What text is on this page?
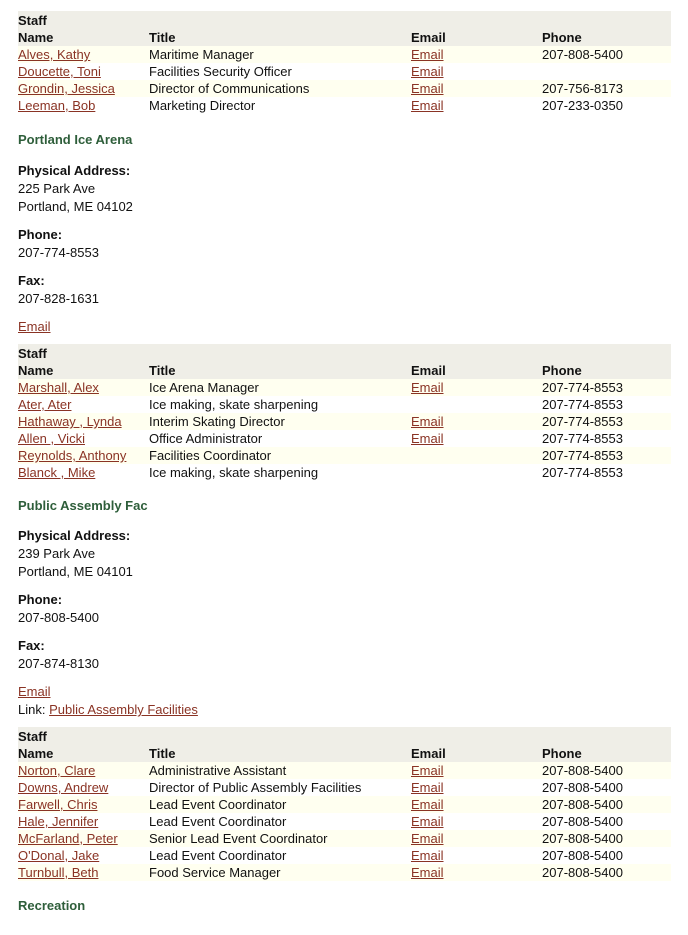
Staff			
Name	Title	Email	Phone
Alves, Kathy	Maritime Manager	Email	207-808-5400
Doucette, Toni	Facilities Security Officer	Email	
Grondin, Jessica	Director of Communications	Email	207-756-8173
Leeman, Bob	Marketing Director	Email	207-233-0350

Portland Ice Arena

Physical Address:

225 Park Ave

Portland, ME 04102

Phone:

207-774-8553

Fax:

207-828-1631

Email

Staff			
Name	Title	Email	Phone
Marshall, Alex	Ice Arena Manager	Email	207-774-8553
Ater, Ater	Ice making, skate sharpening		207-774-8553
Hathaway , Lynda	Interim Skating Director	Email	207-774-8553
Allen , Vicki	Office Administrator	Email	207-774-8553
Reynolds, Anthony	Facilities Coordinator		207-774-8553
Blanck , Mike	Ice making, skate sharpening		207-774-8553

Public Assembly Fac

Physical Address:

239 Park Ave

Portland, ME 04101

Phone:

207-808-5400

Fax:

207-874-8130

Email

Link: Public Assembly Facilities

Staff			
Name	Title	Email	Phone
Norton, Clare	Administrative Assistant	Email	207-808-5400
Downs, Andrew	Director of Public Assembly Facilities	Email	207-808-5400
Farwell, Chris	Lead Event Coordinator	Email	207-808-5400
Hale, Jennifer	Lead Event Coordinator	Email	207-808-5400
McFarland, Peter	Senior Lead Event Coordinator	Email	207-808-5400
O'Donal, Jake	Lead Event Coordinator	Email	207-808-5400
Turnbull, Beth	Food Service Manager	Email	207-808-5400

Recreation
